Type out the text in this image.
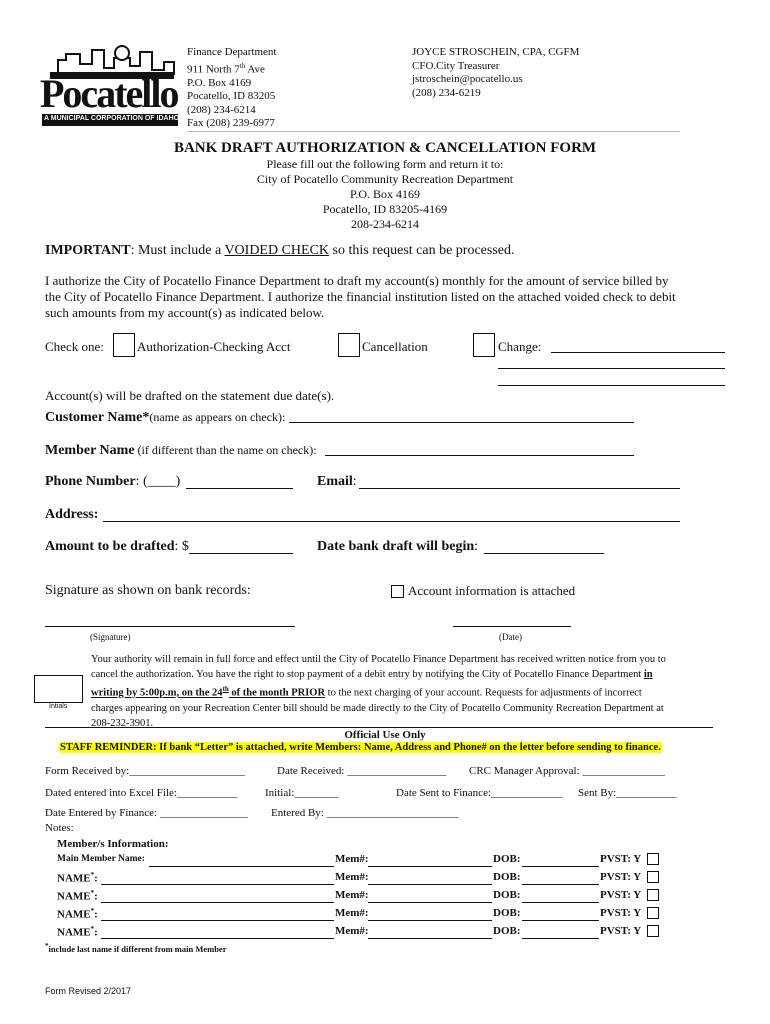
Pocatello
A MUNICIPAL CORPORATION OF IDAHO
Finance Department
911 North 7th Ave
P.O. Box 4169
Pocatello, ID 83205
(208) 234-6214
Fax (208) 239-6977
JOYCE STROSCHEIN, CPA, CGFM
CFO.City Treasurer
jstroschein@pocatello.us
(208) 234-6219
BANK DRAFT AUTHORIZATION & CANCELLATION FORM
Please fill out the following form and return it to:
City of Pocatello Community Recreation Department
P.O. Box 4169
Pocatello, ID 83205-4169
208-234-6214
IMPORTANT: Must include a VOIDED CHECK so this request can be processed.
I authorize the City of Pocatello Finance Department to draft my account(s) monthly for the amount of service billed by
the City of Pocatello Finance Department. I authorize the financial institution listed on the attached voided check to debit
such amounts from my account(s) as indicated below.
Check one:	Authorization-Checking Acct	Cancellation	Change:
Account(s) will be drafted on the statement due date(s).
Customer Name*(name as appears on check):
Member Name (if different than the name on check):
Phone Number: (____)	Email:
Address:
Amount to be drafted: $	Date bank draft will begin:
Signature as shown on bank records:	Account information is attached
(Signature)	(Date)
Intials
Your authority will remain in full force and effect until the City of Pocatello Finance Department has received written notice from you to
cancel the authorization. You have the right to stop payment of a debit entry by notifying the City of Pocatello Finance Department in
writing by 5:00p.m, on the 24th of the month PRIOR to the next charging of your account. Requests for adjustments of incorrect
charges appearing on your Recreation Center bill should be made directly to the City of Pocatello Community Recreation Department at
208-232-3901.
Official Use Only
STAFF REMINDER: If bank “Letter” is attached, write Members: Name, Address and Phone# on the letter before sending to finance.
Form Received by:_____________________	Date Received: __________________ CRC Manager Approval: _______________
Dated entered into Excel File:___________	Initial:________	Date Sent to Finance:_____________ Sent By:___________
Date Entered by Finance: ________________ Entered By: ________________________
Notes:
Member/s Information:
Main Member Name:	Mem#:	DOB:	PVST: Y
NAME*:	Mem#:	DOB:	PVST: Y
NAME*:	Mem#:	DOB:	PVST: Y
NAME*:	Mem#:	DOB:	PVST: Y
NAME*:	Mem#:	DOB:	PVST: Y
*include last name if different from main Member
Form Revised 2/2017
